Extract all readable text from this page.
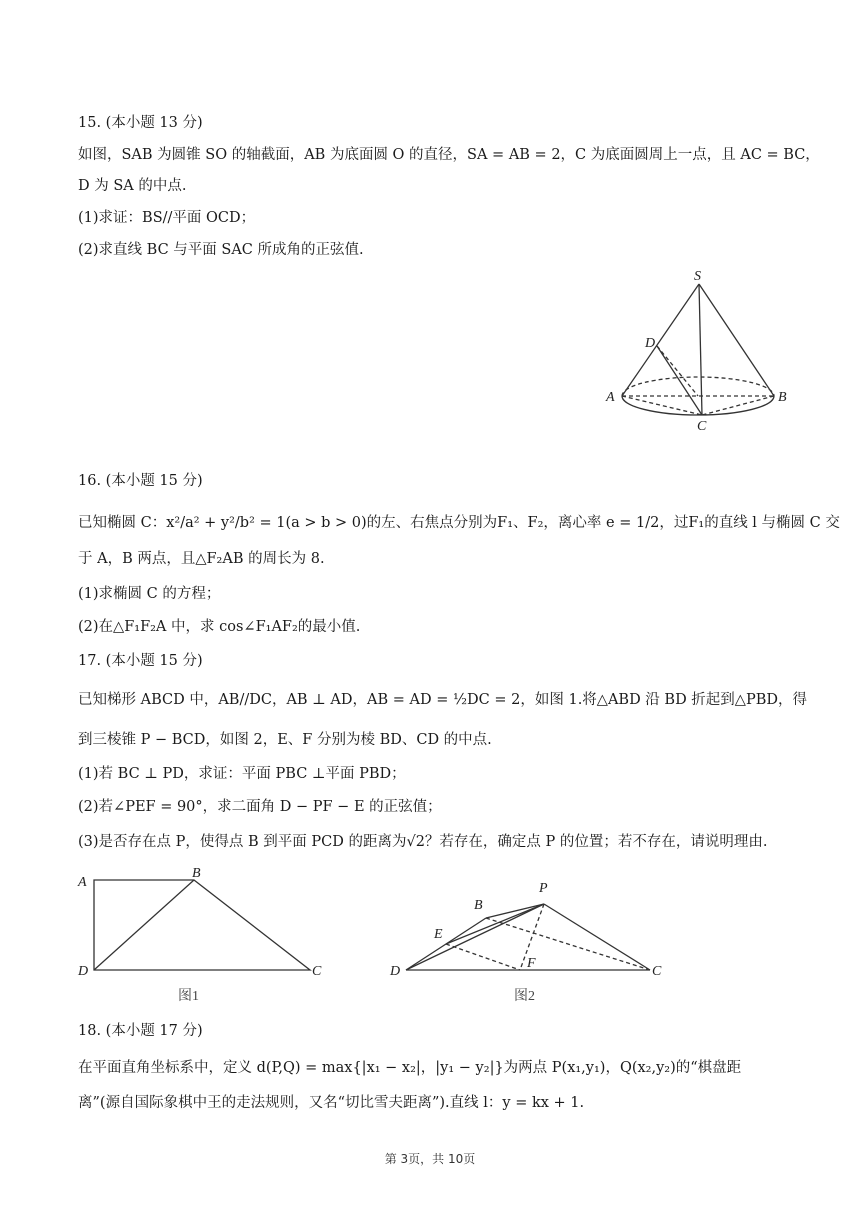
15. (本小题 13 分)
如图，SAB 为圆锥 SO 的轴截面，AB 为底面圆 O 的直径，SA = AB = 2，C 为底面圆周上一点，且 AC = BC，
D 为 SA 的中点.
(1)求证：BS//平面 OCD；
(2)求直线 BC 与平面 SAC 所成角的正弦值.
S
D
A	B
C
16. (本小题 15 分)
已知椭圆 C：x²/a² + y²/b² = 1(a > b > 0)的左、右焦点分别为F₁、F₂，离心率 e = 1/2，过F₁的直线 l 与椭圆 C 交
于 A，B 两点，且△F₂AB 的周长为 8.
(1)求椭圆 C 的方程；
(2)在△F₁F₂A 中，求 cos∠F₁AF₂的最小值.
17. (本小题 15 分)
已知梯形 ABCD 中，AB//DC，AB ⊥ AD，AB = AD = ½DC = 2，如图 1.将△ABD 沿 BD 折起到△PBD，得
到三棱锥 P − BCD，如图 2，E、F 分别为棱 BD、CD 的中点.
(1)若 BC ⊥ PD，求证：平面 PBC ⊥平面 PBD；
(2)若∠PEF = 90°，求二面角 D − PF − E 的正弦值；
(3)是否存在点 P，使得点 B 到平面 PCD 的距离为√2？若存在，确定点 P 的位置；若不存在，请说明理由.
A
B
D	C
图1
B
P
E
D
F
C
图2
18. (本小题 17 分)
在平面直角坐标系中，定义 d(P,Q) = max{|x₁ − x₂|，|y₁ − y₂|}为两点 P(x₁,y₁)，Q(x₂,y₂)的“棋盘距
离”(源自国际象棋中王的走法规则，又名“切比雪夫距离”).直线 l：y = kx + 1.
第 3页，共 10页
